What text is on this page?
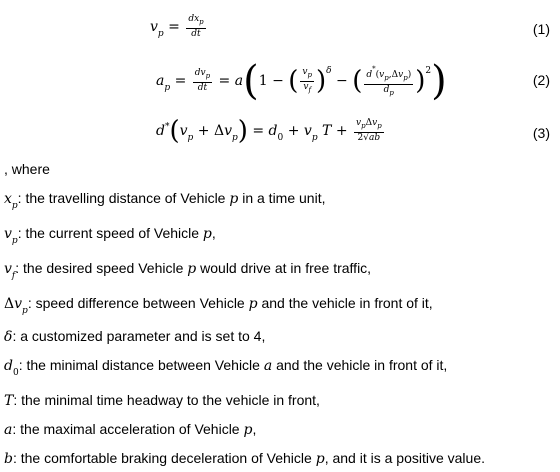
$v_p = \frac{dx_p}{dt}$	(1)
$a_p = \frac{dv_p}{dt} = a(1$ − ( $\frac{v_p}{v_f} )^\delta$ − ( $\frac{d^*(v_p,\Delta v_p)}{d_p} )^2$)	(2)
$d^*(v_p + \Delta v_p) = d_0 + v_p$ $T + \frac{v_p\Delta v_p}{2√ab}$	(3)
, where
$x_p$: the travelling distance of Vehicle p in a time unit,
$v_p$: the current speed of Vehicle p,
$v_f$: the desired speed Vehicle p would drive at in free traffic,
$\Delta v_p$: speed difference between Vehicle p and the vehicle in front of it,
δ: a customized parameter and is set to 4,
$d_0$: the minimal distance between Vehicle a and the vehicle in front of it,
T: the minimal time headway to the vehicle in front,
a: the maximal acceleration of Vehicle p,
b: the comfortable braking deceleration of Vehicle p, and it is a positive value.
